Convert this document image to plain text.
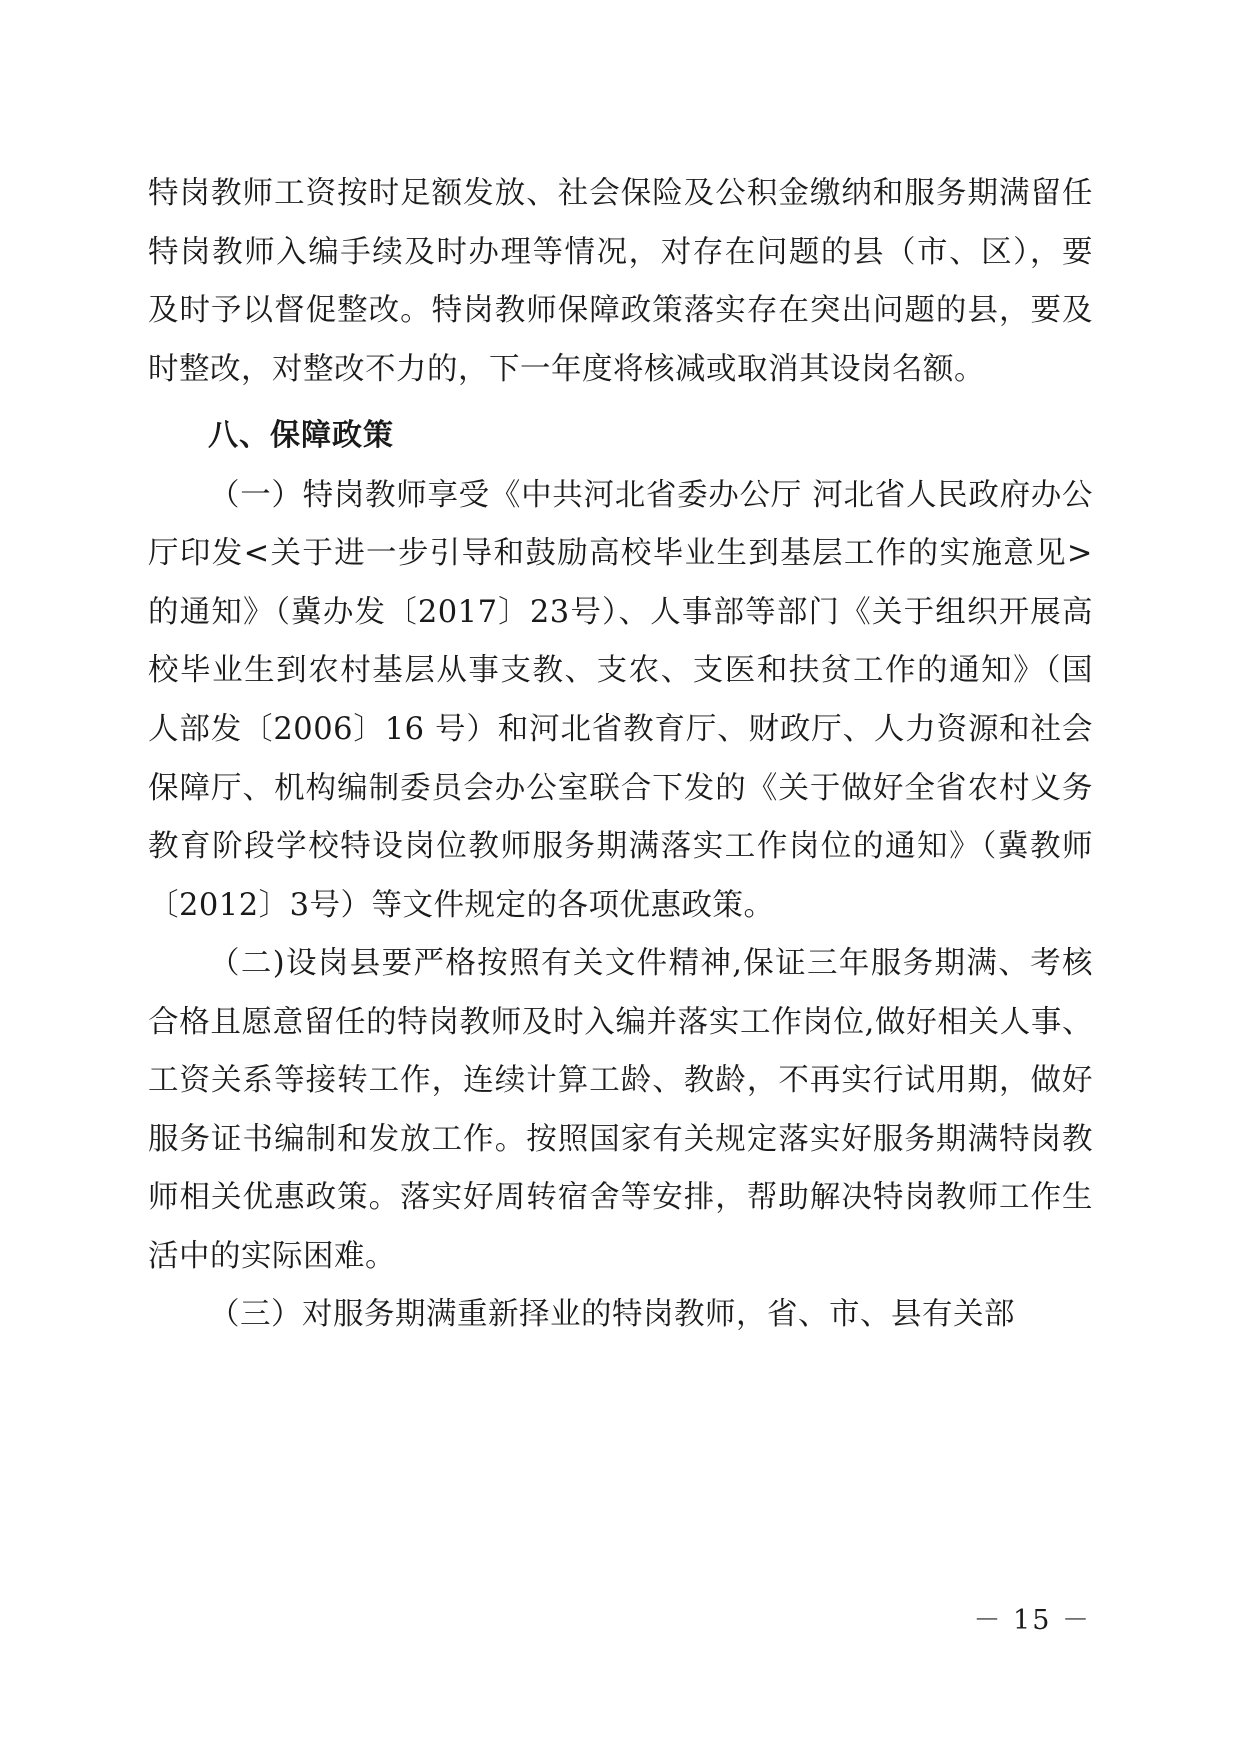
特岗教师工资按时足额发放、社会保险及公积金缴纳和服务期满留任特岗教师入编手续及时办理等情况，对存在问题的县（市、区），要及时予以督促整改。特岗教师保障政策落实存在突出问题的县，要及时整改，对整改不力的，下一年度将核减或取消其设岗名额。

八、保障政策

（一）特岗教师享受《中共河北省委办公厅 河北省人民政府办公厅印发<关于进一步引导和鼓励高校毕业生到基层工作的实施意见>的通知》（冀办发〔2017〕23号）、人事部等部门《关于组织开展高校毕业生到农村基层从事支教、支农、支医和扶贫工作的通知》（国人部发〔2006〕16 号）和河北省教育厅、财政厅、人力资源和社会保障厅、机构编制委员会办公室联合下发的《关于做好全省农村义务教育阶段学校特设岗位教师服务期满落实工作岗位的通知》（冀教师〔2012〕3号）等文件规定的各项优惠政策。

（二)设岗县要严格按照有关文件精神,保证三年服务期满、考核合格且愿意留任的特岗教师及时入编并落实工作岗位,做好相关人事、工资关系等接转工作，连续计算工龄、教龄，不再实行试用期，做好服务证书编制和发放工作。按照国家有关规定落实好服务期满特岗教师相关优惠政策。落实好周转宿舍等安排，帮助解决特岗教师工作生活中的实际困难。

（三）对服务期满重新择业的特岗教师，省、市、县有关部

－ 15 －
